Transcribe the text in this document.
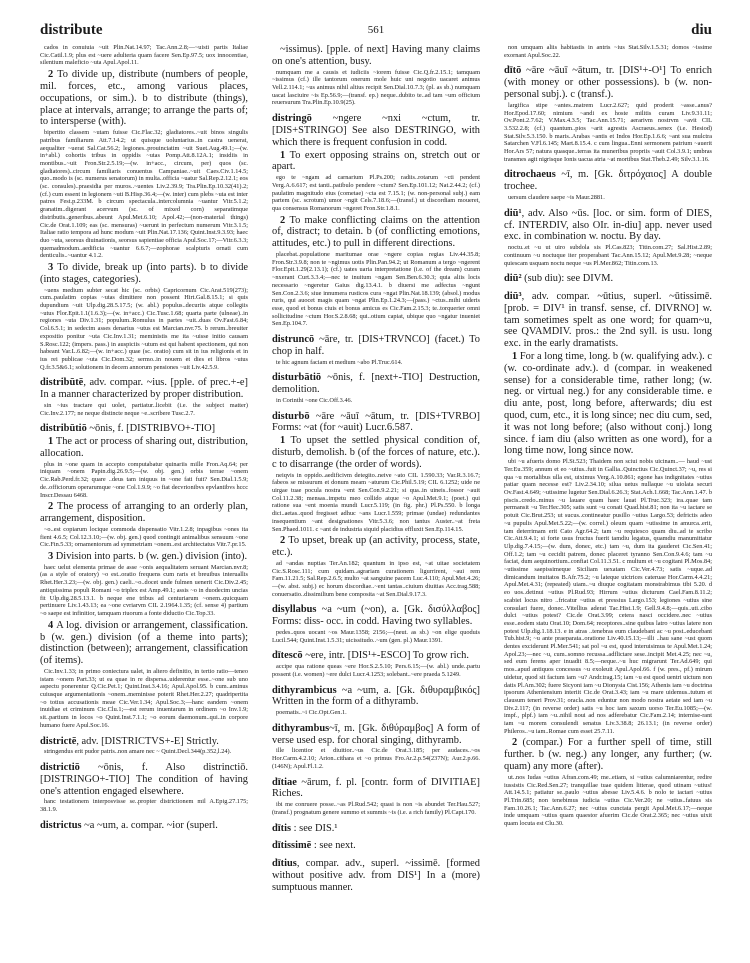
distribute	561	diu

cados in conuiuia ~uit Plin.Nat.14.97; Tac.Ann.2.8;—~uisti partis Italiae Cic.Catil.1.9; plus est ~uere adulteria quam facere Sen.Ep.97.5; uox innocentiae, silentium maleficio ~uta Apul.Apol.11.

2 To divide up, distribute (numbers of people, mil. forces, etc., among various places, occupations, or sim.). b to distribute (things), place at intervals, arrange; to arrange the parts of; to intersperse (with).

bipertito classem ~utam fuisse Cic.Flac.32; gladiatores..~uit binos singulis patribus familiarum Att.7.14.2; ut quisque uoluntarius..in castra uenerat, aequaliter ~uerat Sal.Cat.56.2; legiones..prouinciatim ~uit Suet.Aug.49.1;—(w. in+abl.) cohortis tribus in oppidis ~utas Pomp.Att.8.12A.1; insidiis in montibus..~uit Fron.Str.2.5.19;—(w. in+acc., circum, per) quos (sc. gladiatores)..circum familiaris conuentus Campaniae..~uit Caes.Civ.1.14.5; quo..modo is (sc. numerus senatorum) in multa..officia ~uatur Sal.Rep.2.12.1; eos (sc. consules)..praesidia per muros..~uentes Liv.2.39.9; Tra.Plin.Ep.10.32(41).2; (cf.) cum essent in legionem ~uti B.Hisp.36.4;—(w. inter) cum plebs ~uta est inter patres Fest.p.233M. b circum spectacula..intercolumnia ~uantur Vitr.5.1.2; granatim..digerant acervum (sc. of mixed corn) separatimque distributis..generibus..abeunt Apul.Met.6.10; Apol.42;—(non-material things) Cic.de Orat.1.109; eas (sc. mensuras) ~uerunt in perfectum numerum Vitr.3.1.5; Italiae ratio tempora ad hunc modum ~uit Plin.Nat.17.136; Quint.Inst.9.3.93; haec duo ~uta, seorsus diuinationis, seorsus sapientiae officia Apul.Soc.17;—Vitr.6.3.3; quemadmodum..aedificia ~uantur 6.6.7;—zophorae scalpturis ornati cum denticulis..~uantur 4.1.2.

3 To divide, break up (into parts). b to divide (into stages, categories).

~uens medium subter secat hic (sc. orbis) Capricornum Cic.Arat.519(273); cum..paulatim copias ~utas dimittere non possent Hirt.Gal.8.15.1; si quis dupundium ~uit Ulp.dig.28.5.17.5; (w. abl.) populus..decuriis atque collegiis ~utus Flor.Epit.1.1(1.6.3);—(w. in+acc.) Cic.Tusc.1.68; quarta parte (ulneae)..in regiones ~uta Div.1.31; populum..Romulus in partes ~uit..duas Ov.Fast.6.84; Col.6.5.1; in sedecim asses denarius ~utus est Marcian.nvr.75. b rerum..breuiter expositio ponitur ~uta Cic.Inv.1.31; meministis me ita ~uisse initio causam S.Rosc.122; (impers. pass.) in auspiciis ~utum est qui habent spectionem, qui non habeant Var.L.6.82;—(w. in+acc.) quae (sc. oratio) cum sit in ius religionis et in ius rei publicae ~uta Cic.Dom.32; sermo..in nouem et dies et libros ~utus Q.fr.3.5&6.1; solutionem in decem annorum pensiones ~uit Liv.42.5.9.

distribūtē, adv. compar. ~ius. [pple. of prec.+-e] In a manner characterized by proper distribution.

sin ~ius tractare qui uolet, partiatur..licebit (i.e. the subject matter) Cic.Inv.2.177; ne neque distincte neque ~e..scribere Tusc.2.7.

distribūtiō ~ōnis, f. [DISTRIBVO+-TIO]

1 The act or process of sharing out, distribution, allocation.

plus in ~one quam in accepto computabatur quinariis mille Fron.Aq.64; per iniquam ~onem Papin.dig.26.9.5;—(w. obj. gen.) orbis terrae ~onem Cic.Rab.Perd.fr.32; quare ..deus tam iniquus in ~one fati fuit? Sen.Dial.1.5.9; de..officiorum operarumque ~one Col.1.9.9; ~o fiat decvrionibvs epvlantibvs hccc Inscr.Dessau 6468.

2 The process of arranging to an orderly plan, arrangement, disposition.

~o..est copiarum locique commoda dispensatio Vitr.1.2.8; inpagibus ~ones ita fient 4.6.5; Col.12.3.10;—(w. obj. gen.) quod contingit animalibus sensuum ~one Cic.Fin.5.33; ornamentorum ad symmetriam ~onem..est architectatus Vitr.7.pr.15.

3 Division into parts. b (w. gen.) division (into).

haec uelut elementa primae de asse ~onis aequalitatem seruant Marcian.nvr.8; (as a style of oratory) ~o est..oratio frequens cum raris et breuibus interuallis Rhet.Her.3.23;—(w. obj. gen.) caeli..~o..docet unde fulmen uenerit Cic.Div.2.45; antiquissima populi Romani ~o triplex est Amp.49.1; assis ~o in duodecim uncias fit Ulp.dig.28.5.13.1. b neque ene tribus ad centuriarum ~onem..quicquam pertinuere Liv.1.43.13; ea ~one cvriarvm CIL 2.1964.1.35; (cf. sense 4) partium ~o saepe est infinitior, tamquam riuorum a fonte diductio Cic.Top.33.

4 A log. division or arrangement, classification. b (w. gen.) division (of a theme into parts); distinction (between); arrangement, classification (of items).

Cic.Inv.1.33; in primo coniectura ualet, in altero definitio, in tertio ratio—teneo istam ~onem Part.33; ut ea quae in re dispersa..uiderentur esse..~one sub uno aspectu ponerentur Q.Cic.Pet.1; Quint.Inst.3.4.16; Apul.Apol.95. b cum..aminus cuiusque argumentationis ~onem..meminisse poterit Rhet.Her.2.27; quadripertita ~o totius accusationis meae Cic.Ver.1.34; Apul.Soc.3;—hanc eandem ~onem inuidiae et criminum Cic.Clu.1;—est rerum inuentarum in ordinem ~o Inv.1.9; sit..partium in locos ~o Quint.Inst.7.1.1; ~o eorum daemonum..qui..in corpore humano fuere Apul.Soc.16.

districtē, adv. [DISTRICTVS+-E] Strictly.

stringendus erit pudor patris..non amare nec ~ Quint.Decl.344(p.352,l.24).

districtiō ~ōnis, f. Also distrinctiō. [DISTRINGO+-TIO] The condition of having one's attention engaged elsewhere.

hanc testationem interposvisse se..propter districtionem mil A.Epig.27.175; 38.1.9.

districtus ~a ~um, a. compar. ~ior (superl.

~issimus). [pple. of next] Having many claims on one's attention, busy.

numquam me a causis et iudiciis ~iorem fuisse Cic.Q.fr.2.15.1; tamquam ~issimus (cf.) ille tantorum onerum mole huic uni negotio uacaret animus Vell.2.114.1; ~us animus nihil altius recipit Sen.Dial.10.7.3; (pl. as sb.) numquam uacat lasciuire ~is Ep.56.9;—(transf. ep.) neque..dubito te..ad tam ~um officium reuersurum Tra.Plin.Ep.10.9(25).

distringō ~ngere ~nxi ~ctum, tr. [DIS+STRINGO] See also DESTRINGO, with which there is frequent confusion in codd.

1 To exert opposing strains on, stretch out or apart.

ego te ~ngam ad carnarium Pl.Ps.200; radiis..rotarum ~cti pendent Verg.A.6.617; est tanti..patibulo pendere ~ctum? Sen.Ep.101.12; Nat.2.44.2; (cf.) paulatim magnitudo eius (cometae) ~cta est 7.15.1; (w. non-personal subj.) eam partem (sc. scrotum) umor ~ngit Cels.7.18.6;—(transf.) ut discordiam moueret, qua consensus Romanorum ~ngeret Fron.Str.1.8.1.

2 To make conflicting claims on the attention of, distract; to detain. b (of conflicting emotions, attitudes, etc.) to pull in different directions.

placebat..populatione maritumae orae ~ngere copias regias Liv.44.35.8; Fron.Str.3.9.8; non te ~ngimus uotis Plin.Pan.94.2; ut Romanum a tergo ~ngerent Flor.Epit.1.29(2.13.1); (cf.) uates uaria interpretatione (i.e. of the dream) curam ~nxerant Curt.3.3.4;—nec te inuitum ~ngam Sen.Ben.6.30.3; quia aliis locis necessario ~ngeretur Gaius dig.13.4.1. b diuersi me adfectus ~ngunt Sen.Con.2.3.6; siue innumera rusticos cura ~ngat Plin.Nat.18.139; (absol.) modus ruris, qui auocet magis quam ~ngat Plin.Ep.1.24.3;—(pass.) ~ctus..mihi uideris esse, quod et bonus ciuis et bonus amicus es Cic.Fam.2.15.3; te..torquerier omni sollicitudine ~ctum Hor.S.2.8.68; qui..otium capiat, ubique quo ~ngatur inueniet Sen.Ep.104.7.

distruncō ~āre, tr. [DIS+TRVNCO] (facet.) To chop in half.

te hic agnum faciam et medium ~abo Pl.Truc.614.

disturbātiō ~ōnis, f. [next+-TIO] Destruction, demolition.

in Corinthi ~one Cic.Off.3.46.

disturbō ~āre ~āuī ~ātum, tr. [DIS+TVRBO] Forms: ~at (for ~auit) Lucr.6.587.

1 To upset the settled physical condition of, disturb, demolish. b (of the forces of nature, etc.). c to disarrange (the order of words).

neiqvis in oppido..aedificivm detegito..neive ~ato CIL 1.590.33; Var.R.3.16.7; fabeos se missurum et donum meam ~aturum Cic.Phil.5.19; CIL 6.1252; uide ne uirgae tuae pocula nostra ~ent Sen.Con.9.2.21; si qua..in uineis..fossor ~auit Col.11.2.38; mensas..impetu meo collido atque ~o Apul.Met.9.1; (poet.) qui ratione sua ~ent moenia mundi Lucr.5.119; (in fig. phr.) Pl.Ps.550. b longa dici..aetas..quod fregisset adhuc ~ans Lucr.1.559; primae (undae) redundantes insequentium ~ant designationes Vitr.5.3.6; non tantus Auster..~at freta Sen.Phaed.1011. c ~ant de industria siquid placidius effluxit Sen.Ep.114.15.

2 To upset, break up (an activity, process, state, etc.).

ad ~andas nuptias Ter.An.182; quantum in ipso est, ~at uitae societatem Cic.S.Rosc.111; cum quidam..agrariam curationem ligurrirent, ~aui rem Fam.11.21.5; Sal.Rep.2.6.5; multo ~at sanguine pacem Luc.4.110; Apul.Met.4.26;—(w. abst. subj.) ec horum discordiae..~ent tantas..ciuium diuitias Acc.trag.588; conuersatio..dissimilium bene composita ~at Sen.Dial.9.17.3.

disyllabus ~a ~um (~on), a. [Gk. δισύλλαβος] Forms: diss- occ. in codd. Having two syllables.

pedes..quos uocant ~os Maur.1358; 2156;—(neut. as sb.) ~on elige quoduis Lucil.544; Quint.Inst.1.5.31; uicissitudo..~um (gen. pl.) Maur.1391.

dītescō ~ere, intr. [DIS¹+-ESCO] To grow rich.

accipe qua ratione queas ~ere Hor.S.2.5.10; Pers.6.15;—(w. abl.) unde..partu possent (i.e. women) ~ere dulci Lucr.4.1253; solebant..~ere praeda 5.1249.

dithyrambicus ~a ~um, a. [Gk. διθυραμβικός] Written in the form of a dithyramb.

poematis..~i Cic.Opt.Gen.1.

dithyrambus~ī, m. [Gk. διθύραμβος] A form of verse used esp. for choral singing, dithyramb.

ille licentior et diuitior..~us Cic.de Orat.3.185; per audaces..~os Hor.Carm.4.2.10; Arion..cithara et ~o primus Fro.Ar.2.p.54(237N); Aur.2.p.66.(146N); Apul.Fl.1.2.

dītiae ~ārum, f. pl. [contr. form of DIVITIAE] Riches.

ibi me conruere posse..~as Pl.Rud.542; quasi is non ~is abundet Ter.Hau.527; (transf.) prognatum genere summo et summis ~is (i.e. a rich family) Pl.Capt.170.

dītis : see DIS.¹

dītissimē : see next.

dītius, compar. adv., superl. ~issimē. [formed without positive adv. from DIS¹] In a (more) sumptuous manner.

non umquam aliis habitastis in antris ~ius Stat.Silv.1.5.31; domos ~issime exornant Apul.Soc.22.

dītō ~āre ~āuī ~ātum, tr. [DIS¹+-O¹] To enrich (with money or other possessions). b (w. non-personal subj.). c (transf.).

largifica stipe ~antes..matrem Lucr.2.627; quid proderit ~asse..anus? Hor.Epod.17.60; nimium ~andi ex hoste militis curam Liv.9.31.11; Ov.Pont.2.7.62; V.Max.4.3.5; Tac.Ann.15.71; aerarivm nostrvm ~avit CIL 3.532.2.8; (cf.) quantum..pios ~arit agrestis Ascraeus..senex (i.e. Hesiod) Stat.Silv.5.3.150. b maris..Arabas ~antis et Indos Hor.Ep.1.6.6; ~ant sua mulctra Satarchen V.Fl.6.145; Mart.8.15.4. c cum lingua..Enni sermonem patrium ~auerit Hor.Ars 57; natura quasque..terras ita muneribus propriis ~auit Col.3.9.1; umbras transmes agit nigrisque Ionis uacua atria ~at mortibus Stat.Theb.2.49; Silv.3.1.16.

ditrochaeus ~ī, m. [Gk. διτρόχαιος] A double trochee.

uersum claudere saepe ~is Maur.2881.

diū¹, adv. Also ~ūs. [loc. or sim. form of DIES, cf. INTERDIV, also OIr. in-diu] app. never used exc. in combination w. noctu. By day.

noctu..et ~u ut uiro subdola sis Pl.Cas.823; Titin.com.27; Sal.Hist.2.89; continuum ~u noctuque iter properabant Tac.Ann.15.12; Apul.Met.9.28; ~neque quiescam usquam noctu neque ~us Pl.Mer.862; Titin.com.13.

diū² (sub diu): see DIVM.

diū³, adv. compar. ~ūtius, superl. ~ūtissimē. [prob. = DIV¹ in transf. sense, cf. DIVRNO] w. tam sometimes spelt as one word; for quam~u, see QVAMDIV. pros.: the 2nd syll. is usu. long exc. in the early dramatists.

1 For a long time, long. b (w. qualifying adv.). c (w. co-ordinate adv.). d (compar. in weakened sense) for a considerable time, rather long; (w. neg. or virtual neg.) for any considerable time. e diu ante, post, long before, afterwards; diu est quod, cum, etc., it is long since; nec diu cum, sed, it was not long before; (also without conj.) long since. f iam diu (also written as one word), for a long time now, long since now.

ubi ~u afueris domo Pl.St.523; Thaidem non sciui nobis uicinam..— haud ~ust Ter.Eu.359; annum et eo ~utius..fuit in Gallia..Quinctius Cic.Quinct.37; ~u, res si qua ~u mortalibus ulla est, uiximus Verg.A.10.861; egone has indignitates ~utius patiar quam necesse est? Liv.2.34.10; silua uetus nullaque ~u uiolata securi Ov.Fast.4.649; ~utissime lugetur Sen.Dial.6.26.3; Stat.Ach.1.668; Tac.Ann.1.47. b piscis..credo..minus ~u lauare quam haec lauat Pl.Truc.323; ira..quae tam permansit ~u Ter.Hec.305; satis sunt ~u conati Quad.hist.81; non ita ~u iactare se potuit Cic.Brut.253; ut sucus..contineatur pusillo ~utius Largo.53; defrictis adeo ~u pupulis Apul.Met.5.22;—(w. correl.) oleum quam ~utissime in amurca..erit, tam deterrimam erit Cato Agr.64.2; tam ~u requiesco quam diu..ad te scribo Cic.Att.9.4.1; si forte usus fructus fuerit tamdiu legatus, quamdiu manumittatur Ulp.dig.7.4.15;—(w. dum, donec, etc.) tam ~u, dum ita gauderet Cic.Sen.41; Off.1.2; tam ~u cecidit patrem, donec placeret tyranno Sen.Con.9.4.6; tam ~u faciat, dum aequinortium..confiat Col.11.3.51. c multum et ~u cogitani Pl.Mos.84; ~utissime saepissimeque Siciliam uexatam Cic.Ver.4.73; satis ~uque..ad dimicandum inuitatos B.Afr.75.2; ~u lateque uictrices cateruae Hor.Carm.4.4.21; Apul.Met.4.31; (repeated) uiam..~u diuque cogitatam monstrabimus tibi 5.20. d eo uos..detinui ~utius Pl.Rud.93; Hirrum ~utius dicturum Cael.Fam.8.11.2; scabiei locus nitro ..fricatur ~utius et pressius Largo.153; legiones ~utius sine consulari fuere, donec..Vitellius aderat Tac.Hist.1.9; Gell.9.4.8;—quis..uti..cibo dulci ~utius potest? Cic.de Orat.3.99; cetera nasci occidere..nec ~utius esse..eodem statu Orat.10; Dom.64; receptores..sine quibus latro ~utius latere non potest Ulp.dig.1.18.13. e in atras ..tenebras eum claudebant ac ~u post..educebant Tub.hist.9; ~u ante praeparata..oratione Liv.40.15.13;—illi ..hau sane ~ust quom dentes exciderunt Pl.Mer.541; sat pol ~u est, quod interuisimus te Apul.Met.1.24; Apol.23;—nec ~u, cum..somno recussa..adflictare sese..incipit Met.4.25; nec ~u, sed eum ferens aper inuadit 8.5;—neque..~u huc migrarunt Ter.Ad.649; qui mos..apud antiquos concessus ~u exoleuit Apul.Apol.66. f (w. pres., pf.) mirum uidetur, quod sit factum iam ~u? Andr.trag.15; iam ~u est quod uentri uictum non datis Pl.Am.302; fuere Sicyoni iam ~u Dionysia Cist.156; Athenis iam ~u doctrina ipsorum Atheniensium interiit Cic.de Orat.3.43; iam ~u mare uidemus..tutum et clausum teneri Prov.31; oracla..non eduntur non modo nostra aetate sed iam ~u Div.2.117; (in reverse order) satis ~u hoc iam saxum uorso Ter.Eu.1085;—(w. impf., plpf.) iam ~u..nihil noui ad nos adferebatur Cic.Fam.2.14; internise-rant iam ~u morem consulendi senatus Liv.3.38.8; 26.13.1; (in reverse order) Phileros..~u iam..Romae cum esset 25.7.11.

2 (compar.) For a further spell of time, still further. b (w. neg.) any longer, any further; (w. quam) any more (after).

ut..nos Iudas ~utius Afran.com.49; me..etiam, si ~utius calumniarentur, redire iussistis Cic.Red.Sen.27; tranquillae tuae quidem litterae, quod utinam ~utius! Att.14.5.1; patiatur se..paulo ~utius abesse Liv.5.4.6. b nolo te iactari ~utius Pl.Trin.685; non tenebimus iudicia ~utius Cic.Ver.20; ne ~utius..fatuus sis Fam.10.26.1; Tac.Ann.6.27; nec ~utius cunctata pergit Apul.Met.6.17;—neque inde umquam ~utius quam quaestor afuerim Cic.de Orat.2.365; nec ~utius uixit quam locuta est Clu.30.
